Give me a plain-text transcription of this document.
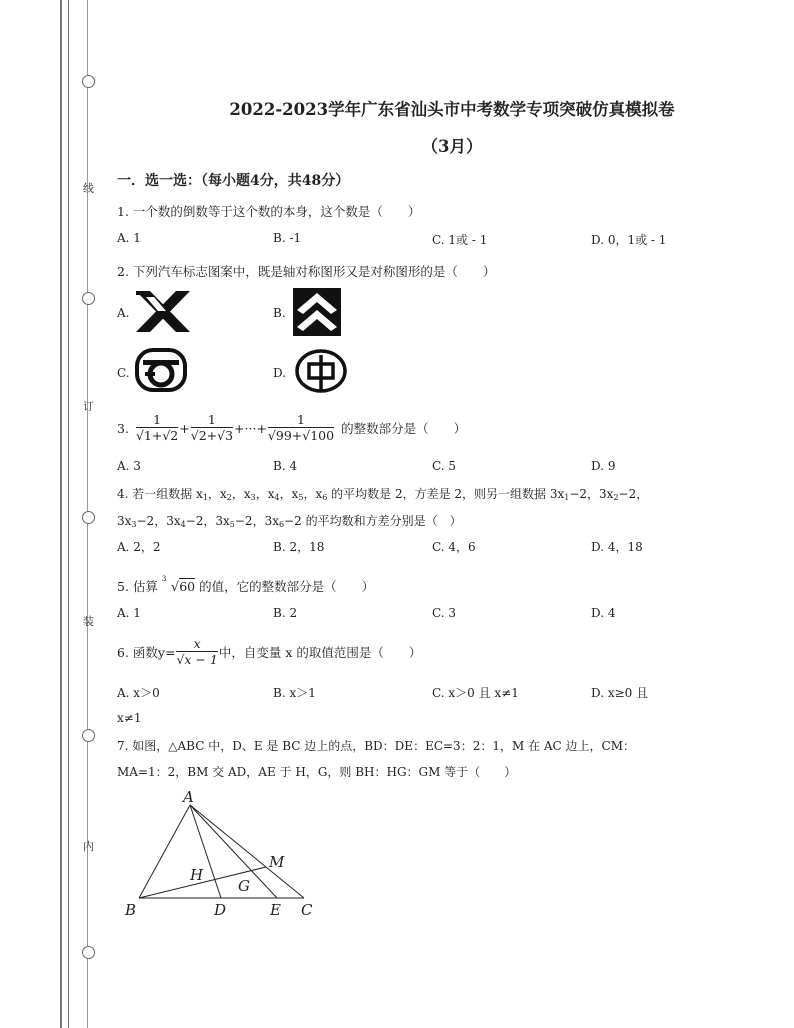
线
订
装
内
2022-2023学年广东省汕头市中考数学专项突破仿真模拟卷
（3月）
一．选一选：（每小题4分，共48分）
1. 一个数的倒数等于这个数的本身，这个数是（　　）
A. 1	B. -1	C. 1或 - 1	D. 0，1或 - 1
2. 下列汽车标志图案中，既是轴对称图形又是对称图形的是（　　）
A.	B.
C.	D.
3. $\frac{1}{√1+√2} + \frac{1}{√2+√3}$ +···+ $\frac{1}{√99+√100}$ 的整数部分是（　　）
A. 3	B. 4	C. 5	D. 9
4. 若一组数据 $x_1$，$x_2$，$x_3$，$x_4$，$x_5$，$x_6$ 的平均数是 2，方差是 2，则另一组数据 $3x_1-2$，$3x_2-2$，
$3x_3-2$，$3x_4-2$，$3x_5-2$，$3x_6-2$ 的平均数和方差分别是（　）
A. 2，2	B. 2，18	C. 4，6	D. 4，18
5. 估算 3
√60 的值，它的整数部分是（　　）
A. 1	B. 2	C. 3	D. 4
6. 函数$y= \frac{x}{√x - 1}$ 中，自变量 x 的取值范围是（　　）
A. x＞0	B. x＞1	C. x＞0 且 x≠1	D. x≥0 且
x≠1
7. 如图，△ABC 中，D、E 是 BC 边上的点，BD：DE：EC=3：2：1，M 在 AC 边上，CM：
MA=1：2，BM 交 AD，AE 于 H，G，则 BH：HG：GM 等于（　　）
A
B	C
D	E
H
G
M
